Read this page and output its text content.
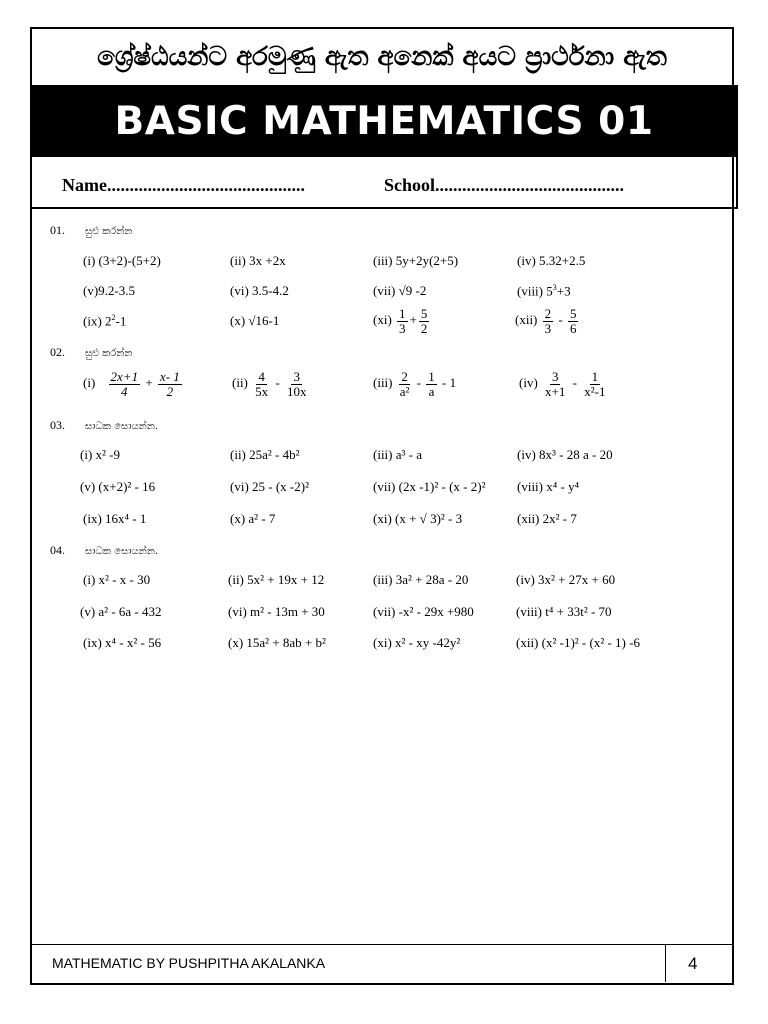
ශ්‍රේෂ්ඨයන්ට අරමුණු ඇත අනෙක් අයට ප්‍රාර්ථනා ඇත
BASIC MATHEMATICS 01
Name............................................	School..........................................
01. සුළු කරන්න
(i) (3+2)-(5+2)	(ii) 3x +2x	(iii) 5y+2y(2+5)	(iv) 5.32+2.5
(v)9.2-3.5	(vi) 3.5-4.2	(vii) √9 -2	(viii) $5^3+3$
(ix) $2^2-1$	(x) √16-1	$(xi) \frac{1}{3} + \frac{5}{2}$	$(xii) \frac{2}{3} - \frac{5}{6}$
02. සුළු කරන්න
$(i) \frac{2x+1}{4} + \frac{x- 1}{2}$	$(ii) \frac{4}{5x} - \frac{3}{10x}$	$(iii) \frac{2}{\text{a²}} - \frac{1}{a} - 1$	$(iv) \frac{3}{x+1} - \frac{1}{\text{x²-1}}$
03. සාධක සොයන්න.
(i) x² -9	(ii) 25a² - 4b²	(iii) a³ - a	(iv) 8x³ - 28 a - 20
(v) (x+2)² - 16	(vi) 25 - (x -2)²	(vii) (2x -1)² - (x - 2)² (viii) x⁴ - y⁴
(ix) 16x⁴ - 1	(x) a² - 7	(xi) (x + √ 3)² - 3	(xii) 2x² - 7
04. සාධක සොයන්න.
(i) x² - x - 30	(ii) 5x² + 19x + 12	(iii) 3a² + 28a - 20	(iv) 3x² + 27x + 60
(v) a² - 6a - 432	(vi) m² - 13m + 30	(vii) -x² - 29x +980	(viii) t⁴ + 33t² - 70
(ix) x⁴ - x² - 56	(x) 15a² + 8ab + b²	(xi) x² - xy -42y²	(xii) (x² -1)² - (x² - 1) -6
MATHEMATIC BY PUSHPITHA AKALANKA	4
